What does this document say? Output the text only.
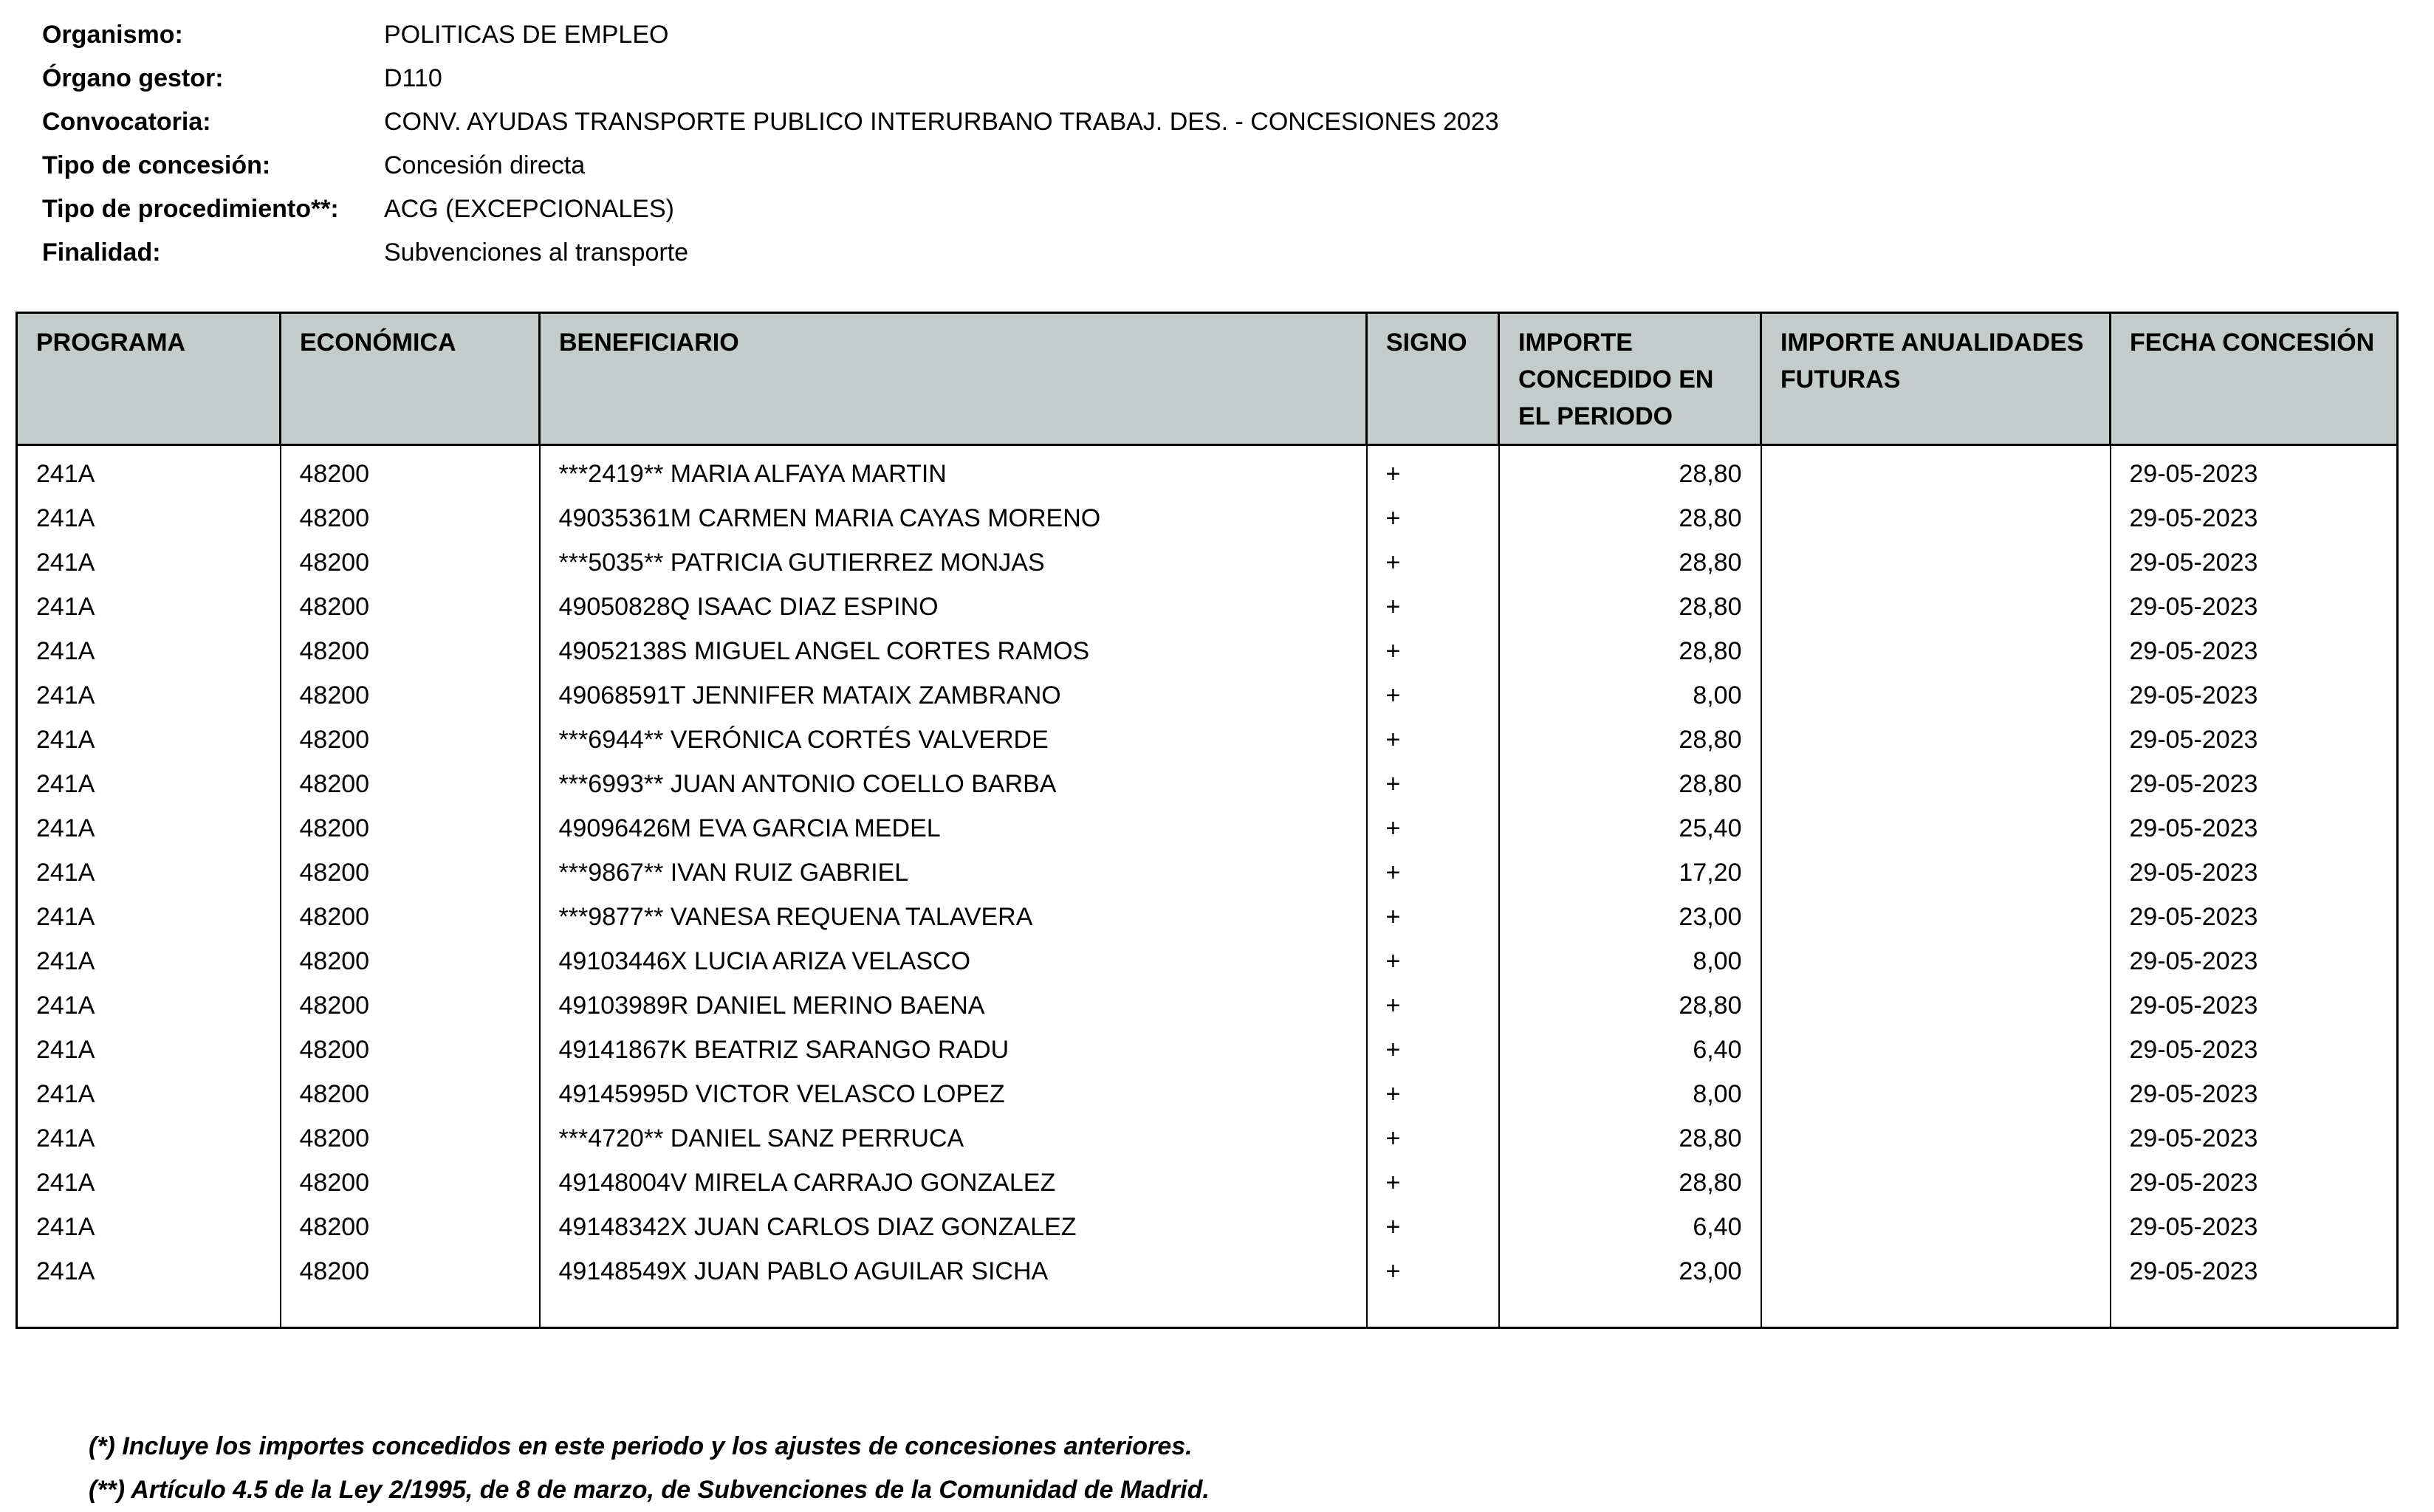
Organismo:	POLITICAS DE EMPLEO
Órgano gestor:	D110
Convocatoria:	CONV. AYUDAS TRANSPORTE PUBLICO INTERURBANO TRABAJ. DES. - CONCESIONES 2023
Tipo de concesión:	Concesión directa
Tipo de procedimiento**:	ACG (EXCEPCIONALES)
Finalidad:	Subvenciones al transporte
PROGRAMA	ECONÓMICA	BENEFICIARIO	SIGNO	IMPORTE CONCEDIDO EN EL PERIODO	IMPORTE ANUALIDADES FUTURAS	FECHA CONCESIÓN
241A	48200	***2419** MARIA ALFAYA MARTIN	+	28,80		29-05-2023
241A	48200	49035361M CARMEN MARIA CAYAS MORENO	+	28,80		29-05-2023
241A	48200	***5035** PATRICIA GUTIERREZ MONJAS	+	28,80		29-05-2023
241A	48200	49050828Q ISAAC DIAZ ESPINO	+	28,80		29-05-2023
241A	48200	49052138S MIGUEL ANGEL CORTES RAMOS	+	28,80		29-05-2023
241A	48200	49068591T JENNIFER MATAIX ZAMBRANO	+	8,00		29-05-2023
241A	48200	***6944** VERÓNICA CORTÉS VALVERDE	+	28,80		29-05-2023
241A	48200	***6993** JUAN ANTONIO COELLO BARBA	+	28,80		29-05-2023
241A	48200	49096426M EVA GARCIA MEDEL	+	25,40		29-05-2023
241A	48200	***9867** IVAN RUIZ GABRIEL	+	17,20		29-05-2023
241A	48200	***9877** VANESA REQUENA TALAVERA	+	23,00		29-05-2023
241A	48200	49103446X LUCIA ARIZA VELASCO	+	8,00		29-05-2023
241A	48200	49103989R DANIEL MERINO BAENA	+	28,80		29-05-2023
241A	48200	49141867K BEATRIZ SARANGO RADU	+	6,40		29-05-2023
241A	48200	49145995D VICTOR VELASCO LOPEZ	+	8,00		29-05-2023
241A	48200	***4720** DANIEL SANZ PERRUCA	+	28,80		29-05-2023
241A	48200	49148004V MIRELA CARRAJO GONZALEZ	+	28,80		29-05-2023
241A	48200	49148342X JUAN CARLOS DIAZ GONZALEZ	+	6,40		29-05-2023
241A	48200	49148549X JUAN PABLO AGUILAR SICHA	+	23,00		29-05-2023

(*) Incluye los importes concedidos en este periodo y los ajustes de concesiones anteriores.
(**) Artículo 4.5 de la Ley 2/1995, de 8 de marzo, de Subvenciones de la Comunidad de Madrid.
